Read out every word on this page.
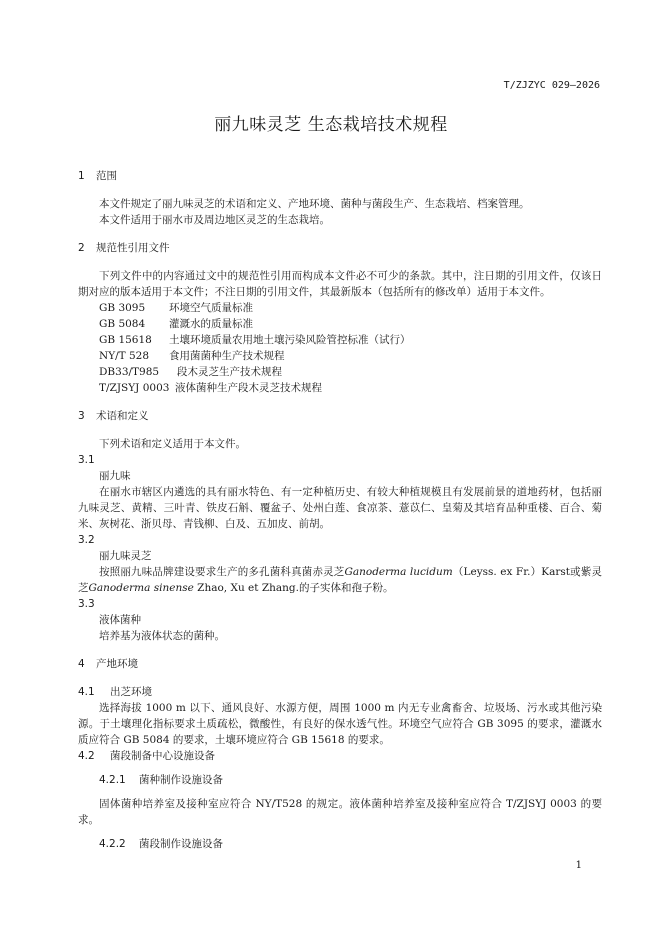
T/ZJZYC 029—2026
丽九味灵芝 生态栽培技术规程

1 范围

本文件规定了丽九味灵芝的术语和定义、产地环境、菌种与菌段生产、生态栽培、档案管理。

本文件适用于丽水市及周边地区灵芝的生态栽培。

2 规范性引用文件

下列文件中的内容通过文中的规范性引用而构成本文件必不可少的条款。其中，注日期的引用文件，仅该日期对应的版本适用于本文件；不注日期的引用文件，其最新版本（包括所有的修改单）适用于本文件。

GB 3095	环境空气质量标准

GB 5084	灌溉水的质量标准

GB 15618	土壤环境质量农用地土壤污染风险管控标准（试行）

NY/T 528	食用菌菌种生产技术规程

DB33/T985	段木灵芝生产技术规程

T/ZJSYJ 0003 液体菌种生产段木灵芝技术规程

3 术语和定义

下列术语和定义适用于本文件。

3.1

丽九味

在丽水市辖区内遴选的具有丽水特色、有一定种植历史、有较大种植规模且有发展前景的道地药材，包括丽九味灵芝、黄精、三叶青、铁皮石斛、覆盆子、处州白莲、食凉茶、薏苡仁、皇菊及其培育品种重楼、百合、菊米、灰树花、浙贝母、青钱柳、白及、五加皮、前胡。

3.2

丽九味灵芝

按照丽九味品牌建设要求生产的多孔菌科真菌赤灵芝Ganoderma lucidum（Leyss. ex Fr.）Karst或紫灵芝Ganoderma sinense Zhao, Xu et Zhang.的子实体和孢子粉。

3.3

液体菌种

培养基为液体状态的菌种。

4 产地环境

4.1 出芝环境

选择海拔 1000 m 以下、通风良好、水源方便，周围 1000 m 内无专业禽畜舍、垃圾场、污水或其他污染源。于土壤理化指标要求土质疏松，微酸性，有良好的保水透气性。环境空气应符合 GB 3095 的要求，灌溉水质应符合 GB 5084 的要求，土壤环境应符合 GB 15618 的要求。

4.2 菌段制备中心设施设备

4.2.1 菌种制作设施设备

固体菌种培养室及接种室应符合 NY/T528 的规定。液体菌种培养室及接种室应符合 T/ZJSYJ 0003 的要求。

4.2.2 菌段制作设施设备

1
